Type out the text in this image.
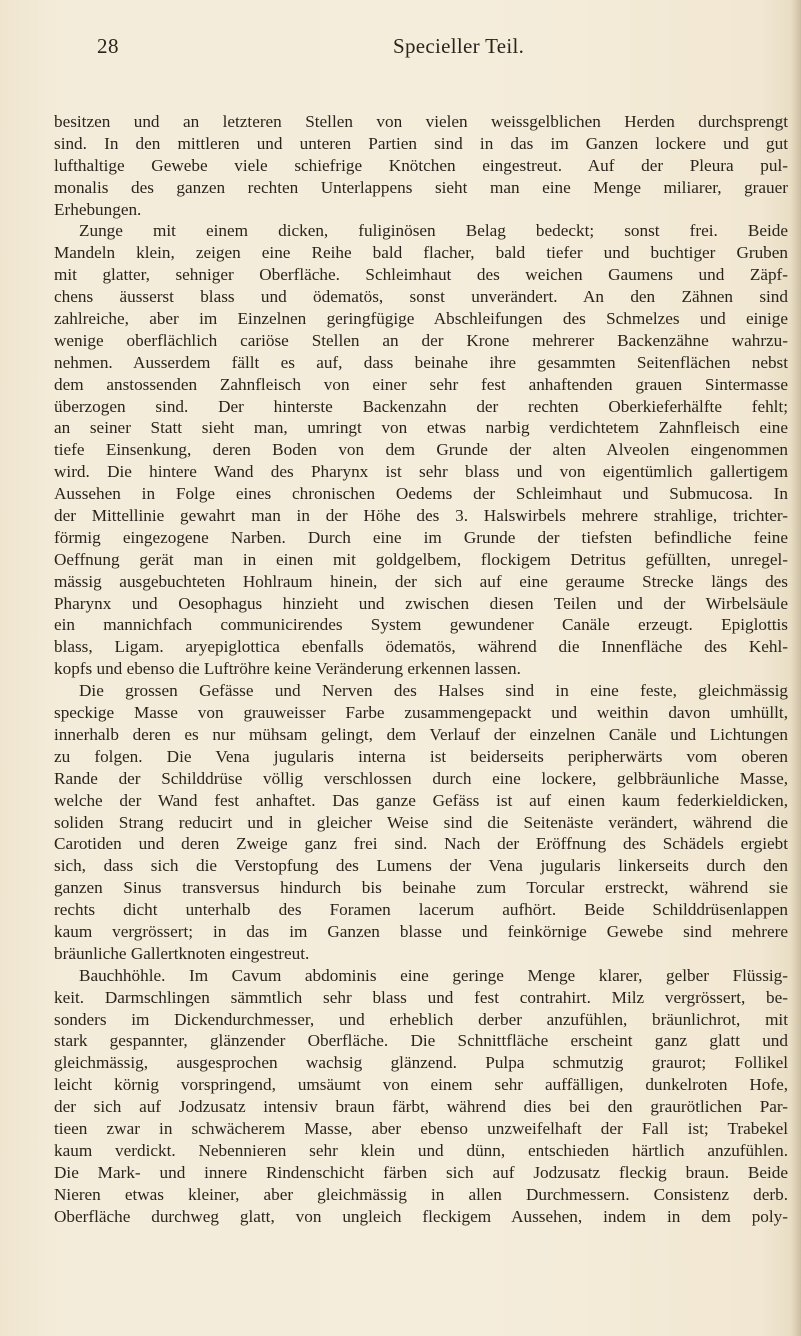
28	Specieller Teil.
besitzen und an letzteren Stellen von vielen weissgelblichen Herden durchsprengt
sind. In den mittleren und unteren Partien sind in das im Ganzen lockere und gut
lufthaltige Gewebe viele schiefrige Knötchen eingestreut. Auf der Pleura pul-
monalis des ganzen rechten Unterlappens sieht man eine Menge miliarer, grauer
Erhebungen.
Zunge mit einem dicken, fuliginösen Belag bedeckt; sonst frei. Beide
Mandeln klein, zeigen eine Reihe bald flacher, bald tiefer und buchtiger Gruben
mit glatter, sehniger Oberfläche. Schleimhaut des weichen Gaumens und Zäpf-
chens äusserst blass und ödematös, sonst unverändert. An den Zähnen sind
zahlreiche, aber im Einzelnen geringfügige Abschleifungen des Schmelzes und einige
wenige oberflächlich cariöse Stellen an der Krone mehrerer Backenzähne wahrzu-
nehmen. Ausserdem fällt es auf, dass beinahe ihre gesammten Seitenflächen nebst
dem anstossenden Zahnfleisch von einer sehr fest anhaftenden grauen Sintermasse
überzogen sind. Der hinterste Backenzahn der rechten Oberkieferhälfte fehlt;
an seiner Statt sieht man, umringt von etwas narbig verdichtetem Zahnfleisch eine
tiefe Einsenkung, deren Boden von dem Grunde der alten Alveolen eingenommen
wird. Die hintere Wand des Pharynx ist sehr blass und von eigentümlich gallertigem
Aussehen in Folge eines chronischen Oedems der Schleimhaut und Submucosa. In
der Mittellinie gewahrt man in der Höhe des 3. Halswirbels mehrere strahlige, trichter-
förmig eingezogene Narben. Durch eine im Grunde der tiefsten befindliche feine
Oeffnung gerät man in einen mit goldgelbem, flockigem Detritus gefüllten, unregel-
mässig ausgebuchteten Hohlraum hinein, der sich auf eine geraume Strecke längs des
Pharynx und Oesophagus hinzieht und zwischen diesen Teilen und der Wirbelsäule
ein mannichfach communicirendes System gewundener Canäle erzeugt. Epiglottis
blass, Ligam. aryepiglottica ebenfalls ödematös, während die Innenfläche des Kehl-
kopfs und ebenso die Luftröhre keine Veränderung erkennen lassen.
Die grossen Gefässe und Nerven des Halses sind in eine feste, gleichmässig
speckige Masse von grauweisser Farbe zusammengepackt und weithin davon umhüllt,
innerhalb deren es nur mühsam gelingt, dem Verlauf der einzelnen Canäle und Lichtungen
zu folgen. Die Vena jugularis interna ist beiderseits peripherwärts vom oberen
Rande der Schilddrüse völlig verschlossen durch eine lockere, gelbbräunliche Masse,
welche der Wand fest anhaftet. Das ganze Gefäss ist auf einen kaum federkieldicken,
soliden Strang reducirt und in gleicher Weise sind die Seitenäste verändert, während die
Carotiden und deren Zweige ganz frei sind. Nach der Eröffnung des Schädels ergiebt
sich, dass sich die Verstopfung des Lumens der Vena jugularis linkerseits durch den
ganzen Sinus transversus hindurch bis beinahe zum Torcular erstreckt, während sie
rechts dicht unterhalb des Foramen lacerum aufhört. Beide Schilddrüsenlappen
kaum vergrössert; in das im Ganzen blasse und feinkörnige Gewebe sind mehrere
bräunliche Gallertknoten eingestreut.
Bauchhöhle. Im Cavum abdominis eine geringe Menge klarer, gelber Flüssig-
keit. Darmschlingen sämmtlich sehr blass und fest contrahirt. Milz vergrössert, be-
sonders im Dickendurchmesser, und erheblich derber anzufühlen, bräunlichrot, mit
stark gespannter, glänzender Oberfläche. Die Schnittfläche erscheint ganz glatt und
gleichmässig, ausgesprochen wachsig glänzend. Pulpa schmutzig graurot; Follikel
leicht körnig vorspringend, umsäumt von einem sehr auffälligen, dunkelroten Hofe,
der sich auf Jodzusatz intensiv braun färbt, während dies bei den graurötlichen Par-
tieen zwar in schwächerem Masse, aber ebenso unzweifelhaft der Fall ist; Trabekel
kaum verdickt. Nebennieren sehr klein und dünn, entschieden härtlich anzufühlen.
Die Mark- und innere Rindenschicht färben sich auf Jodzusatz fleckig braun. Beide
Nieren etwas kleiner, aber gleichmässig in allen Durchmessern. Consistenz derb.
Oberfläche durchweg glatt, von ungleich fleckigem Aussehen, indem in dem poly-
